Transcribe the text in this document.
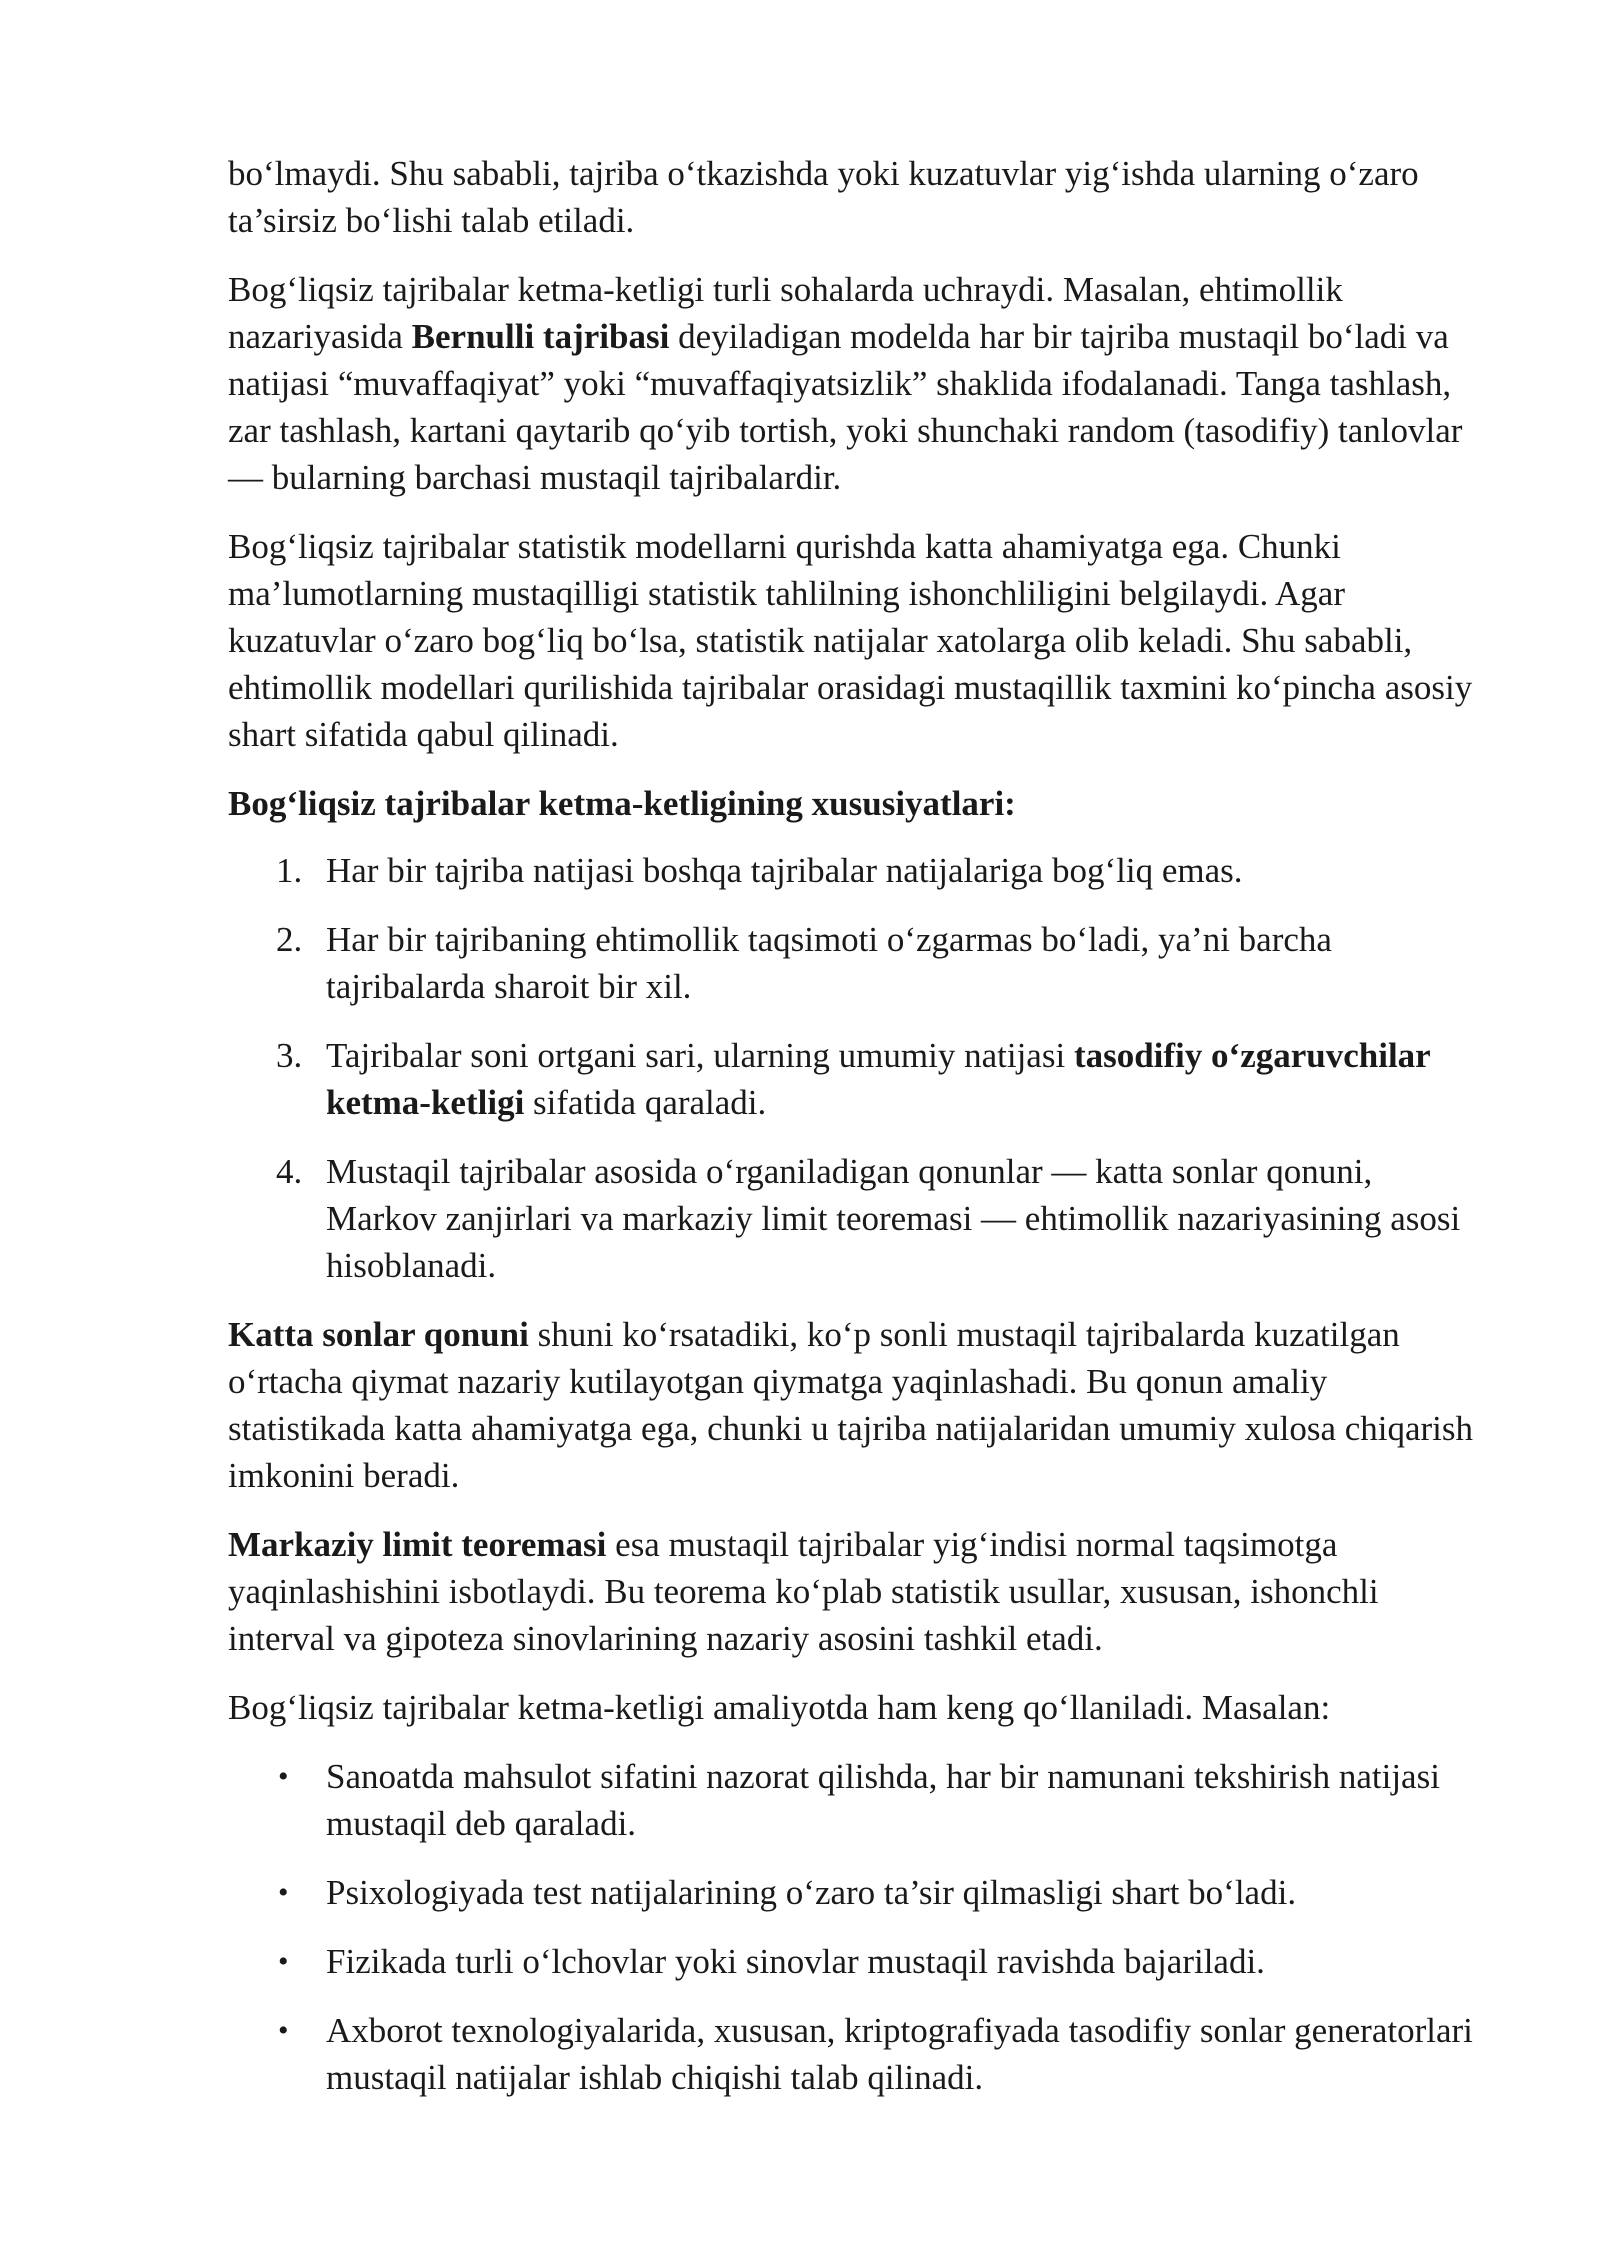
bo‘lmaydi. Shu sababli, tajriba o‘tkazishda yoki kuzatuvlar yig‘ishda ularning o‘zaro ta’sirsiz bo‘lishi talab etiladi.

Bog‘liqsiz tajribalar ketma-ketligi turli sohalarda uchraydi. Masalan, ehtimollik nazariyasida Bernulli tajribasi deyiladigan modelda har bir tajriba mustaqil bo‘ladi va natijasi “muvaffaqiyat” yoki “muvaffaqiyatsizlik” shaklida ifodalanadi. Tanga tashlash, zar tashlash, kartani qaytarib qo‘yib tortish, yoki shunchaki random (tasodifiy) tanlovlar — bularning barchasi mustaqil tajribalardir.

Bog‘liqsiz tajribalar statistik modellarni qurishda katta ahamiyatga ega. Chunki ma’lumotlarning mustaqilligi statistik tahlilning ishonchliligini belgilaydi. Agar kuzatuvlar o‘zaro bog‘liq bo‘lsa, statistik natijalar xatolarga olib keladi. Shu sababli, ehtimollik modellari qurilishida tajribalar orasidagi mustaqillik taxmini ko‘pincha asosiy shart sifatida qabul qilinadi.

Bog‘liqsiz tajribalar ketma-ketligining xususiyatlari:
1. Har bir tajriba natijasi boshqa tajribalar natijalariga bog‘liq emas.
2. Har bir tajribaning ehtimollik taqsimoti o‘zgarmas bo‘ladi, ya’ni barcha tajribalarda sharoit bir xil.
3. Tajribalar soni ortgani sari, ularning umumiy natijasi tasodifiy o‘zgaruvchilar ketma-ketligi sifatida qaraladi.
4. Mustaqil tajribalar asosida o‘rganiladigan qonunlar — katta sonlar qonuni, Markov zanjirlari va markaziy limit teoremasi — ehtimollik nazariyasining asosi hisoblanadi.

Katta sonlar qonuni shuni ko‘rsatadiki, ko‘p sonli mustaqil tajribalarda kuzatilgan o‘rtacha qiymat nazariy kutilayotgan qiymatga yaqinlashadi. Bu qonun amaliy statistikada katta ahamiyatga ega, chunki u tajriba natijalaridan umumiy xulosa chiqarish imkonini beradi.

Markaziy limit teoremasi esa mustaqil tajribalar yig‘indisi normal taqsimotga yaqinlashishini isbotlaydi. Bu teorema ko‘plab statistik usullar, xususan, ishonchli interval va gipoteza sinovlarining nazariy asosini tashkil etadi.

Bog‘liqsiz tajribalar ketma-ketligi amaliyotda ham keng qo‘llaniladi. Masalan:

• Sanoatda mahsulot sifatini nazorat qilishda, har bir namunani tekshirish natijasi mustaqil deb qaraladi.
• Psixologiyada test natijalarining o‘zaro ta’sir qilmasligi shart bo‘ladi.
• Fizikada turli o‘lchovlar yoki sinovlar mustaqil ravishda bajariladi.
• Axborot texnologiyalarida, xususan, kriptografiyada tasodifiy sonlar generatorlari mustaqil natijalar ishlab chiqishi talab qilinadi.
